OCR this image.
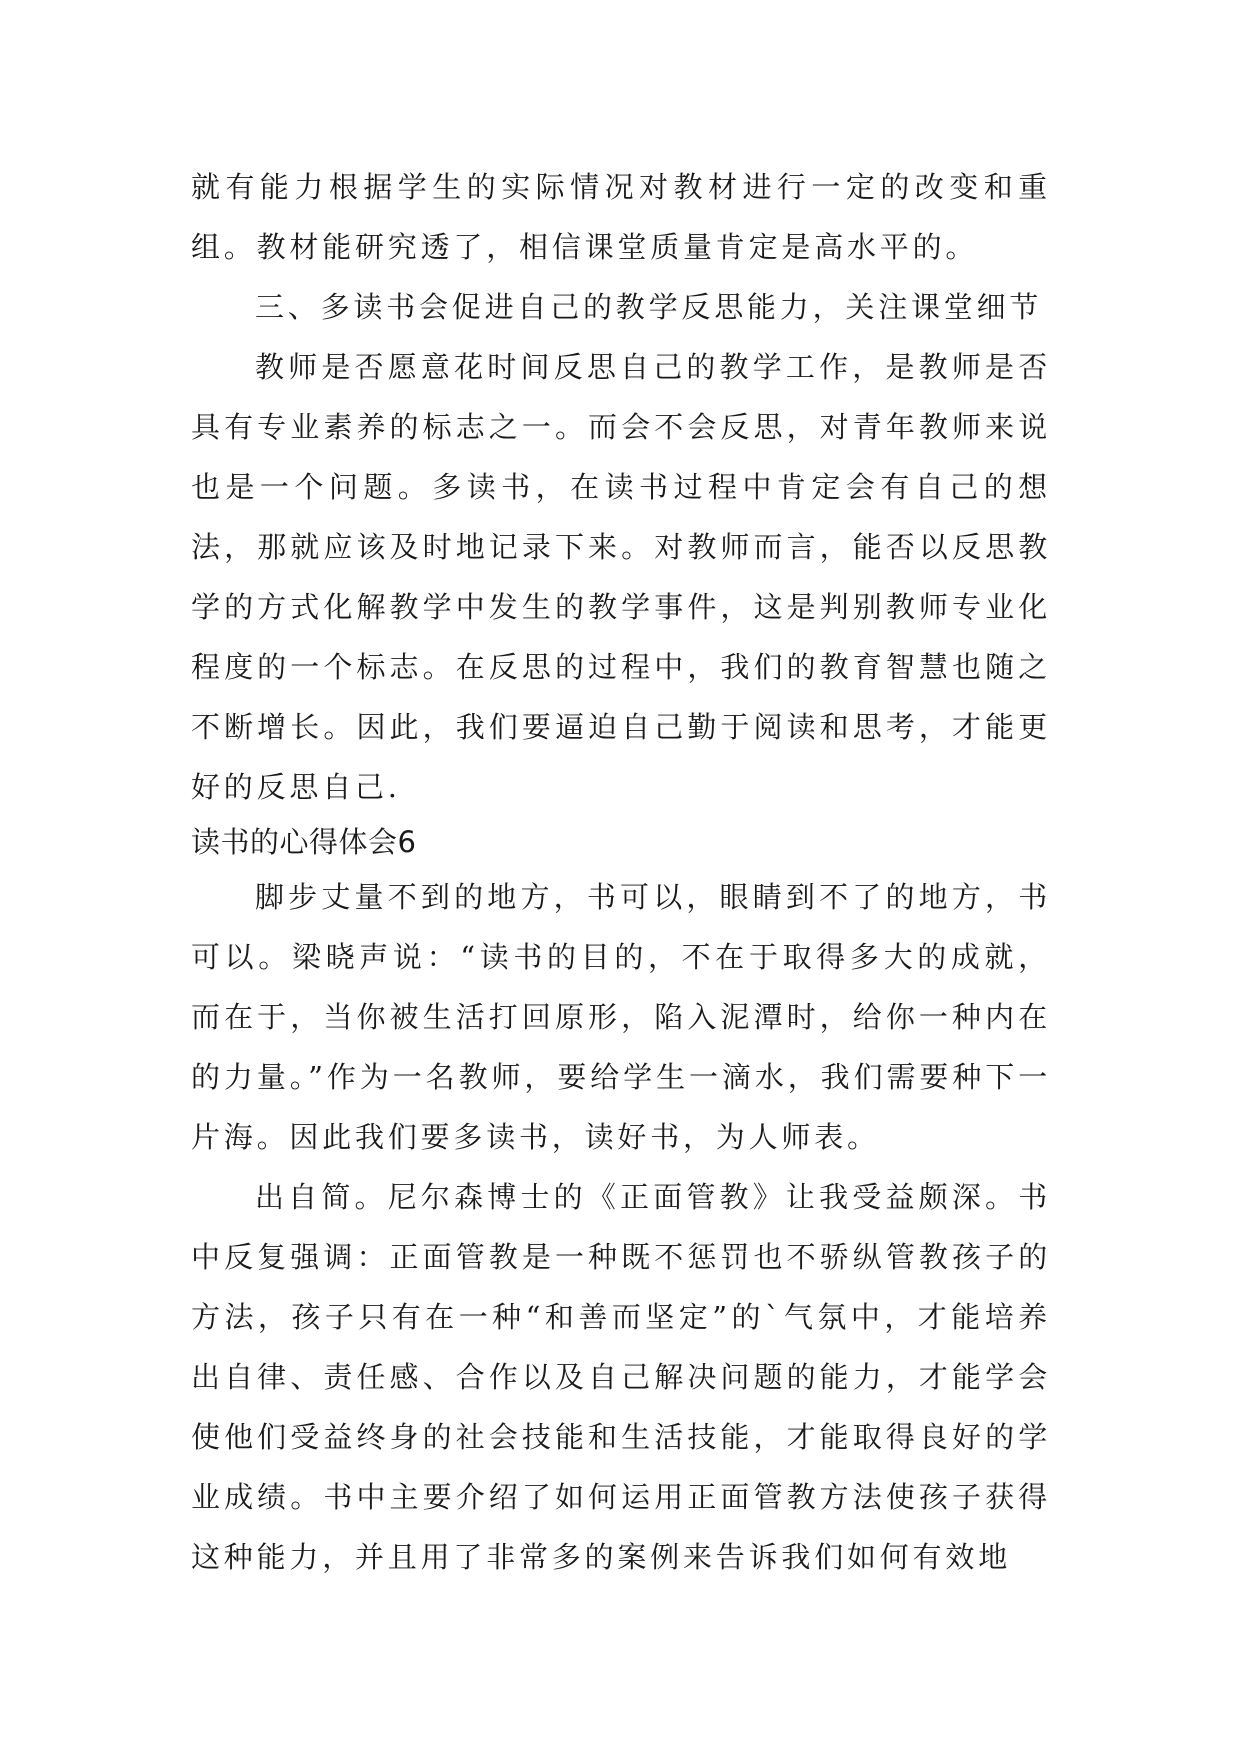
就有能力根据学生的实际情况对教材进行一定的改变和重组。教材能研究透了，相信课堂质量肯定是高水平的。

三、多读书会促进自己的教学反思能力，关注课堂细节

教师是否愿意花时间反思自己的教学工作，是教师是否具有专业素养的标志之一。而会不会反思，对青年教师来说也是一个问题。多读书，在读书过程中肯定会有自己的想法，那就应该及时地记录下来。对教师而言，能否以反思教学的方式化解教学中发生的教学事件，这是判别教师专业化程度的一个标志。在反思的过程中，我们的教育智慧也随之不断增长。因此，我们要逼迫自己勤于阅读和思考，才能更好的反思自己.

读书的心得体会6

脚步丈量不到的地方，书可以，眼睛到不了的地方，书可以。梁晓声说：“读书的目的，不在于取得多大的成就，而在于，当你被生活打回原形，陷入泥潭时，给你一种内在的力量。”作为一名教师，要给学生一滴水，我们需要种下一片海。因此我们要多读书，读好书，为人师表。

出自简。尼尔森博士的《正面管教》让我受益颇深。书中反复强调：正面管教是一种既不惩罚也不骄纵管教孩子的方法，孩子只有在一种“和善而坚定”的`气氛中，才能培养出自律、责任感、合作以及自己解决问题的能力，才能学会使他们受益终身的社会技能和生活技能，才能取得良好的学业成绩。书中主要介绍了如何运用正面管教方法使孩子获得这种能力，并且用了非常多的案例来告诉我们如何有效地
